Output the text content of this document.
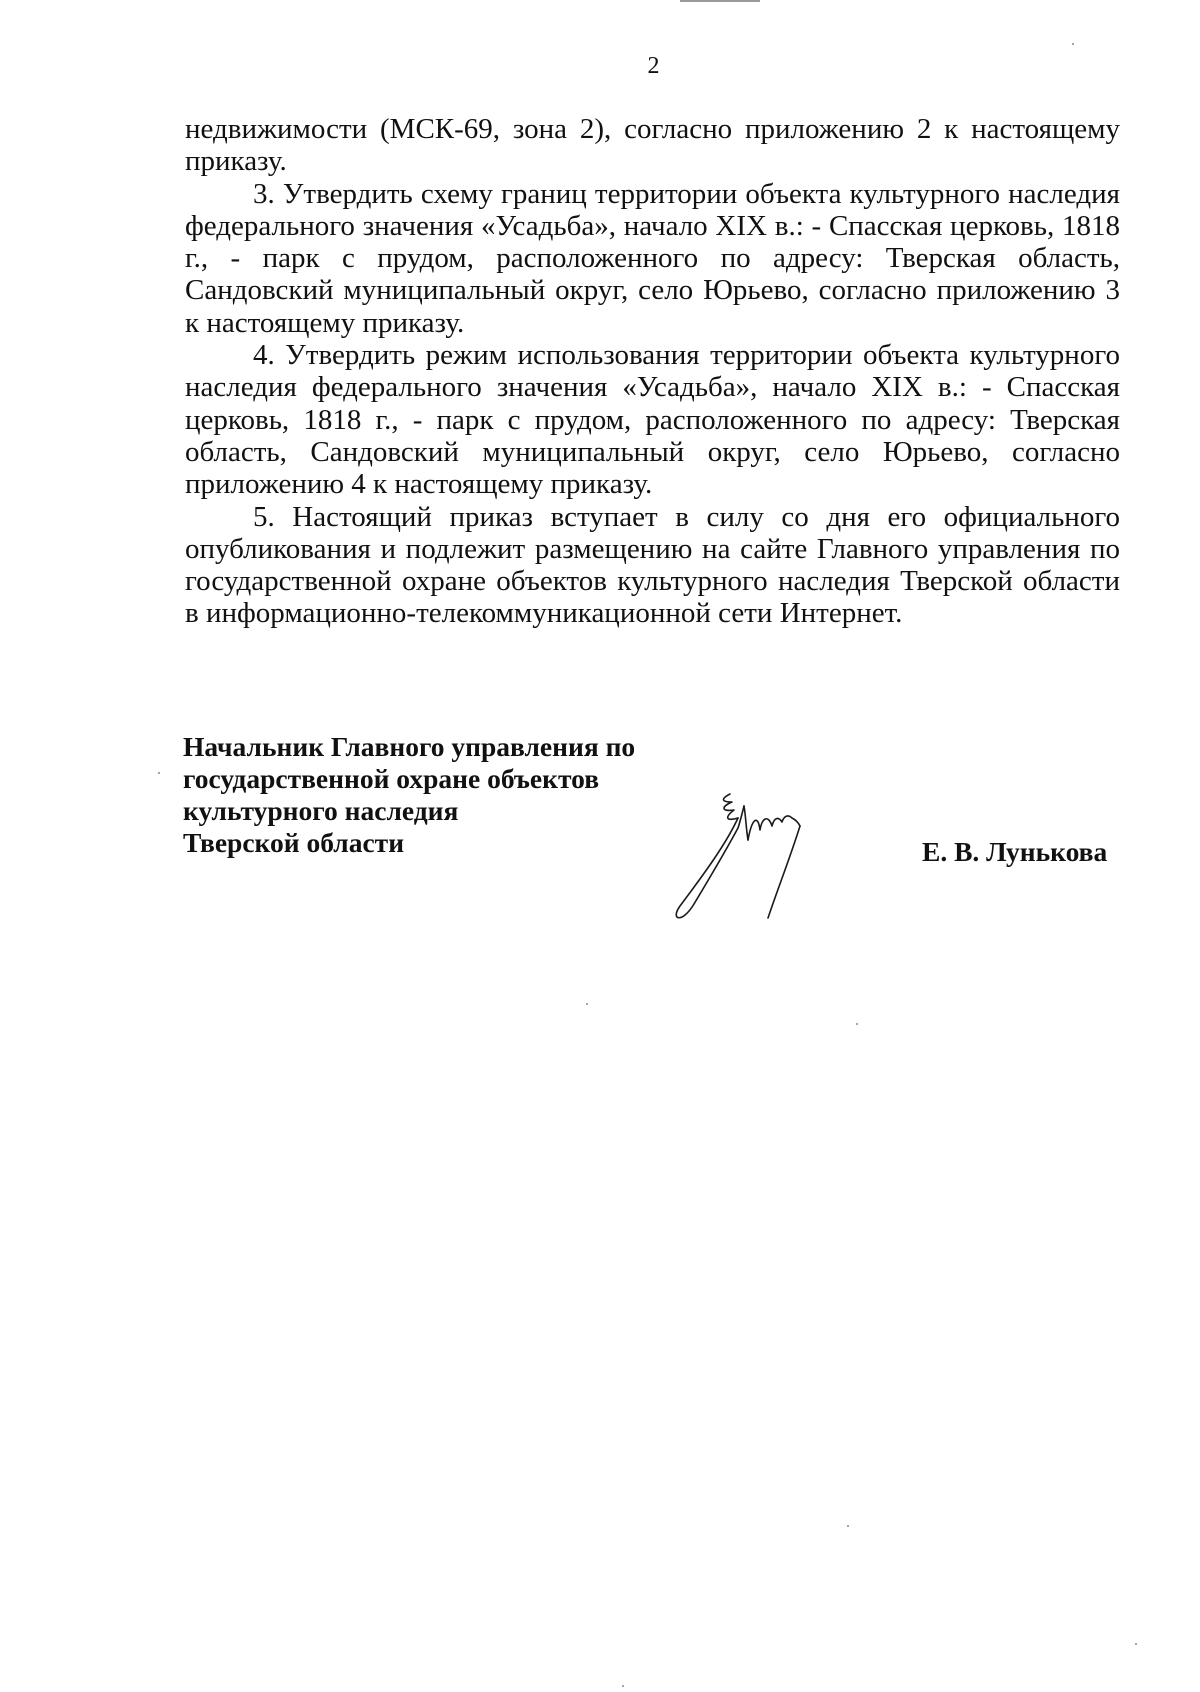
2

недвижимости (МСК-69, зона 2), согласно приложению 2 к настоящему приказу.

3. Утвердить схему границ территории объекта культурного наследия федерального значения «Усадьба», начало XIX в.: - Спасская церковь, 1818 г., - парк с прудом, расположенного по адресу: Тверская область, Сандовский муниципальный округ, село Юрьево, согласно приложению 3 к настоящему приказу.

4. Утвердить режим использования территории объекта культурного наследия федерального значения «Усадьба», начало XIX в.: - Спасская церковь, 1818 г., - парк с прудом, расположенного по адресу: Тверская область, Сандовский муниципальный округ, село Юрьево, согласно приложению 4 к настоящему приказу.

5. Настоящий приказ вступает в силу со дня его официального опубликования и подлежит размещению на сайте Главного управления по государственной охране объектов культурного наследия Тверской области в информационно-телекоммуникационной сети Интернет.

Начальник Главного управления по
государственной охране объектов
культурного наследия
Тверской области	Е. В. Лунькова
